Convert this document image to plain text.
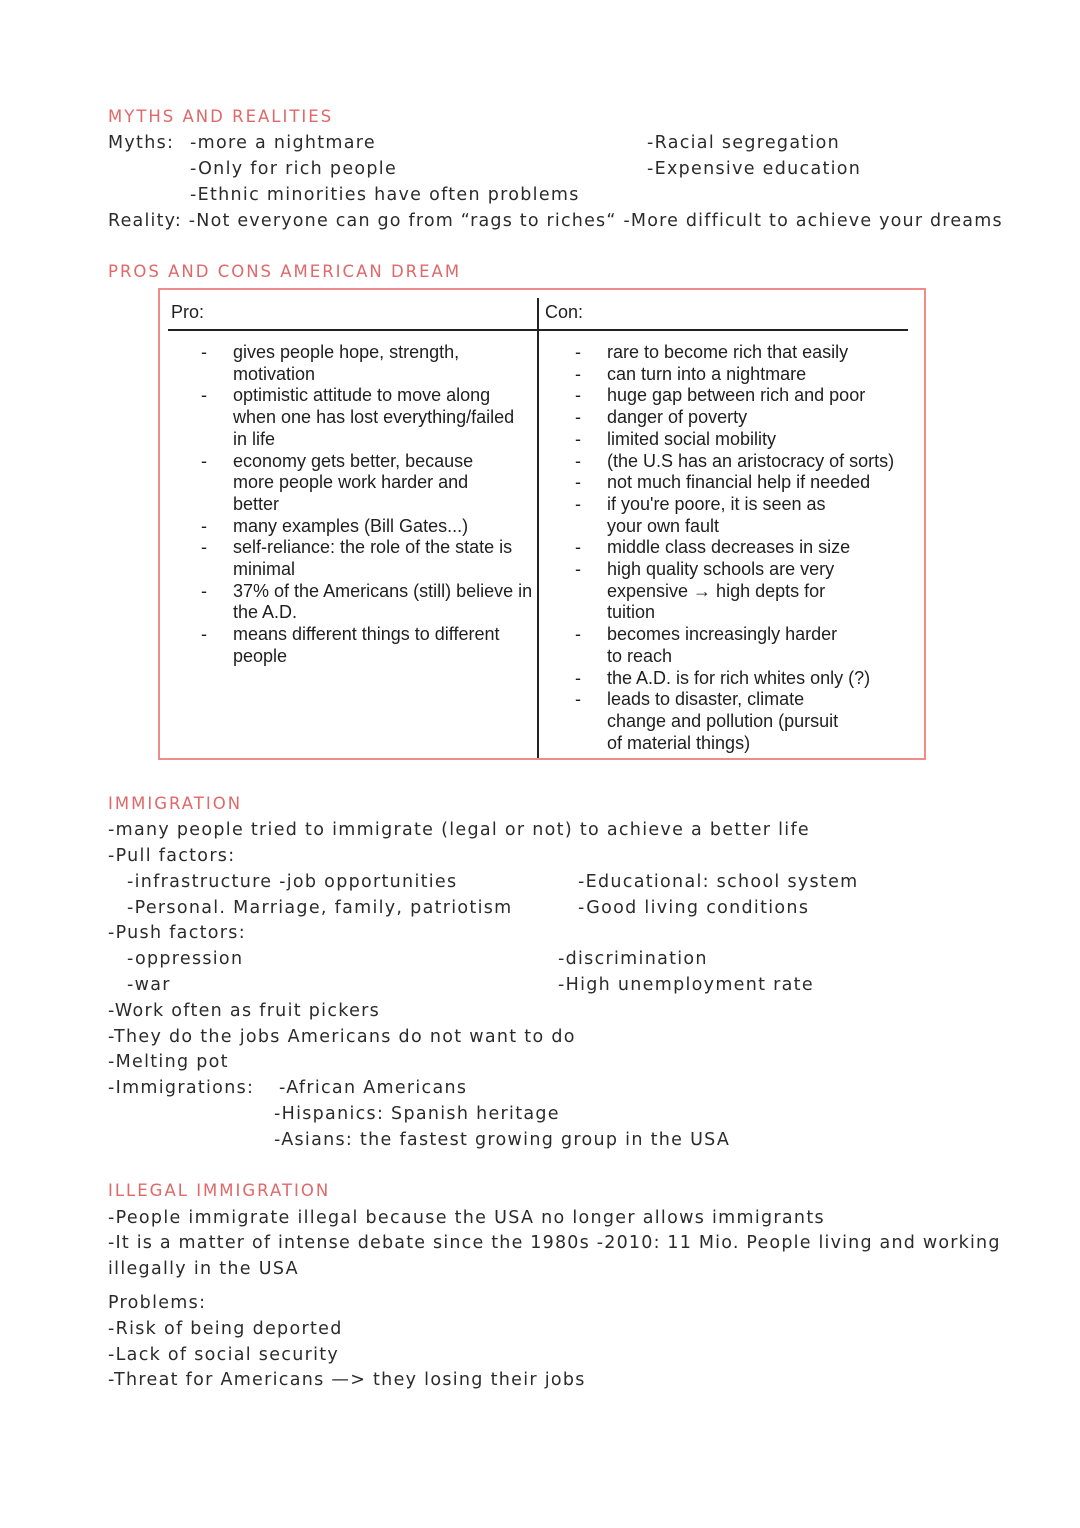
MYTHS AND REALITIES
Myths: -more a nightmare
-Only for rich people
-Ethnic minorities have often problems
-Racial segregation
-Expensive education
Reality: -Not everyone can go from “rags to riches“ -More difficult to achieve your dreams
PROS AND CONS AMERICAN DREAM
Pro:	Con:
- gives people hope, strength, motivation
- optimistic attitude to move along when one has lost everything/failed in life
- economy gets better, because more people work harder and better
- many examples (Bill Gates...)
- self-reliance: the role of the state is minimal
- 37% of the Americans (still) believe in the A.D.
- means different things to different people
- rare to become rich that easily
- can turn into a nightmare
- huge gap between rich and poor
- danger of poverty
- limited social mobility
- (the U.S has an aristocracy of sorts)
- not much financial help if needed
- if you're poore, it is seen as your own fault
- middle class decreases in size
- high quality schools are very expensive → high depts for tuition
- becomes increasingly harder to reach
- the A.D. is for rich whites only (?)
- leads to disaster, climate change and pollution (pursuit of material things)
IMMIGRATION
-many people tried to immigrate (legal or not) to achieve a better life
-Pull factors:
-infrastructure -job opportunities
-Personal. Marriage, family, patriotism
-Educational: school system
-Good living conditions
-Push factors:
-oppression
-war
-discrimination
-High unemployment rate
-Work often as fruit pickers
-They do the jobs Americans do not want to do
-Melting pot
-Immigrations: -African Americans
-Hispanics: Spanish heritage
-Asians: the fastest growing group in the USA
ILLEGAL IMMIGRATION
-People immigrate illegal because the USA no longer allows immigrants
-It is a matter of intense debate since the 1980s -2010: 11 Mio. People living and working
illegally in the USA
Problems:
-Risk of being deported
-Lack of social security
-Threat for Americans —> they losing their jobs
